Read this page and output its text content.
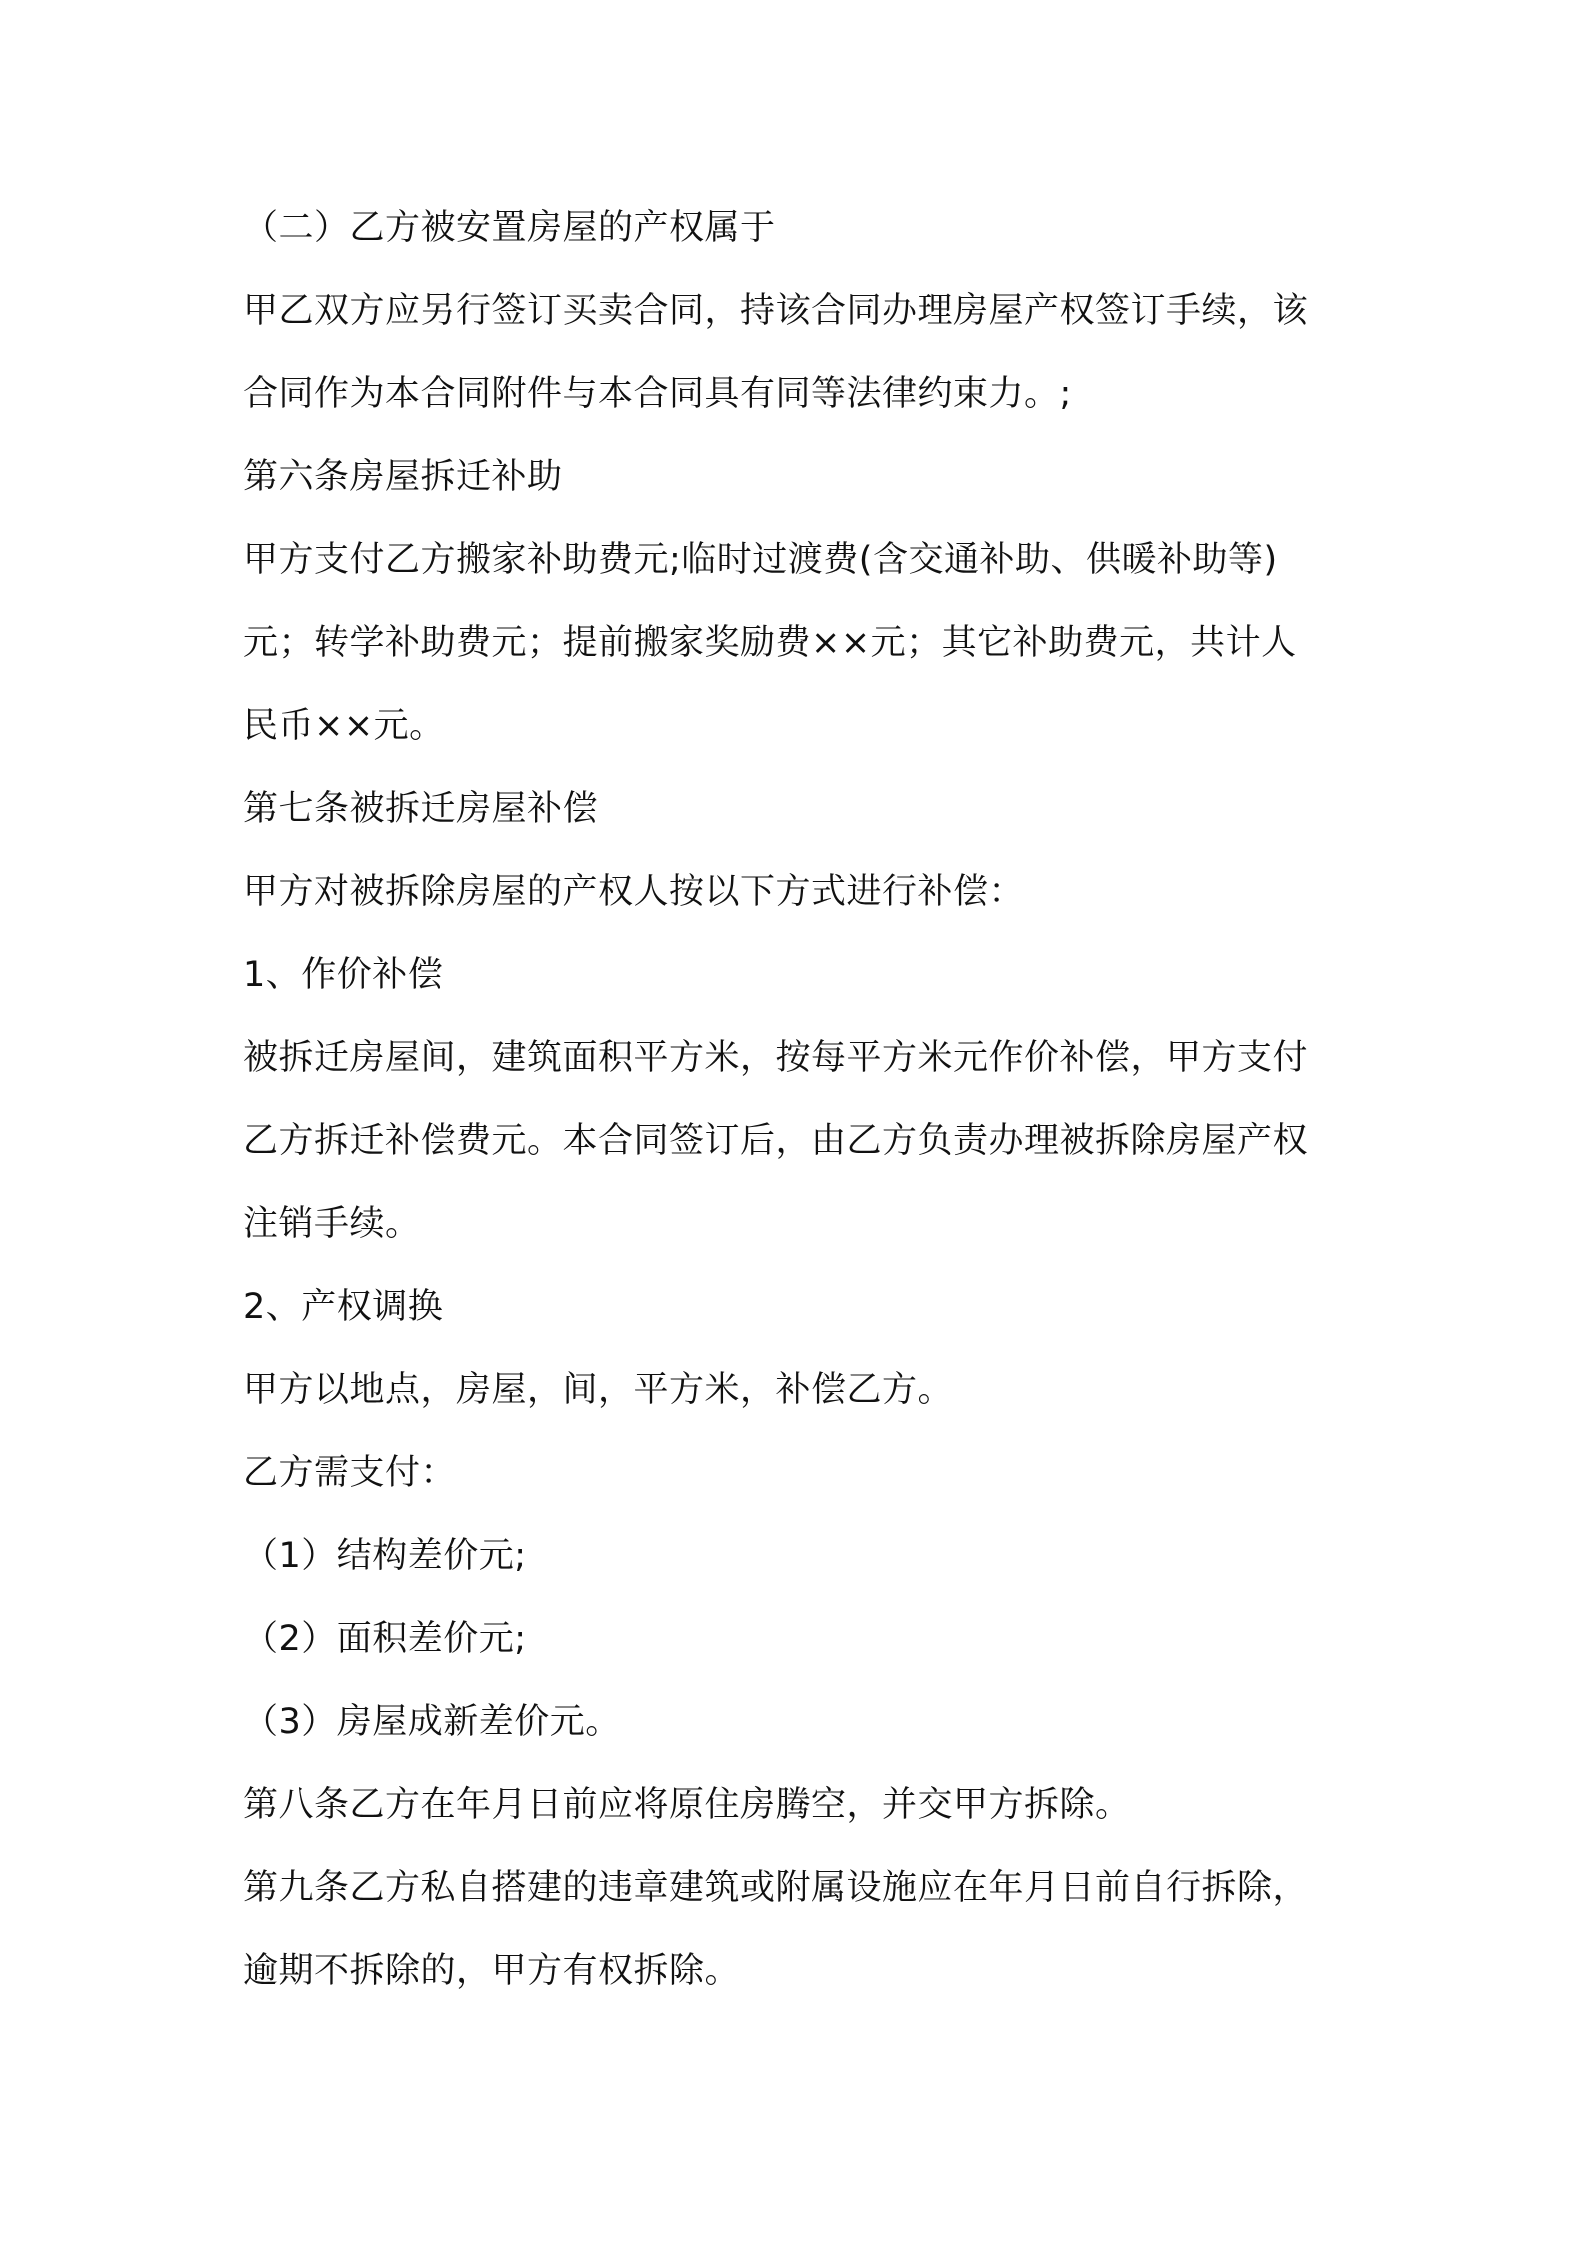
（二）乙方被安置房屋的产权属于
甲乙双方应另行签订买卖合同，持该合同办理房屋产权签订手续，该
合同作为本合同附件与本合同具有同等法律约束力。;
第六条房屋拆迁补助
甲方支付乙方搬家补助费元;临时过渡费(含交通补助、供暖补助等)
元；转学补助费元；提前搬家奖励费××元；其它补助费元，共计人
民币××元。
第七条被拆迁房屋补偿
甲方对被拆除房屋的产权人按以下方式进行补偿：
1、作价补偿
被拆迁房屋间，建筑面积平方米，按每平方米元作价补偿，甲方支付
乙方拆迁补偿费元。本合同签订后，由乙方负责办理被拆除房屋产权
注销手续。
2、产权调换
甲方以地点，房屋，间，平方米，补偿乙方。
乙方需支付：
（1）结构差价元;
（2）面积差价元;
（3）房屋成新差价元。
第八条乙方在年月日前应将原住房腾空，并交甲方拆除。
第九条乙方私自搭建的违章建筑或附属设施应在年月日前自行拆除，
逾期不拆除的，甲方有权拆除。
